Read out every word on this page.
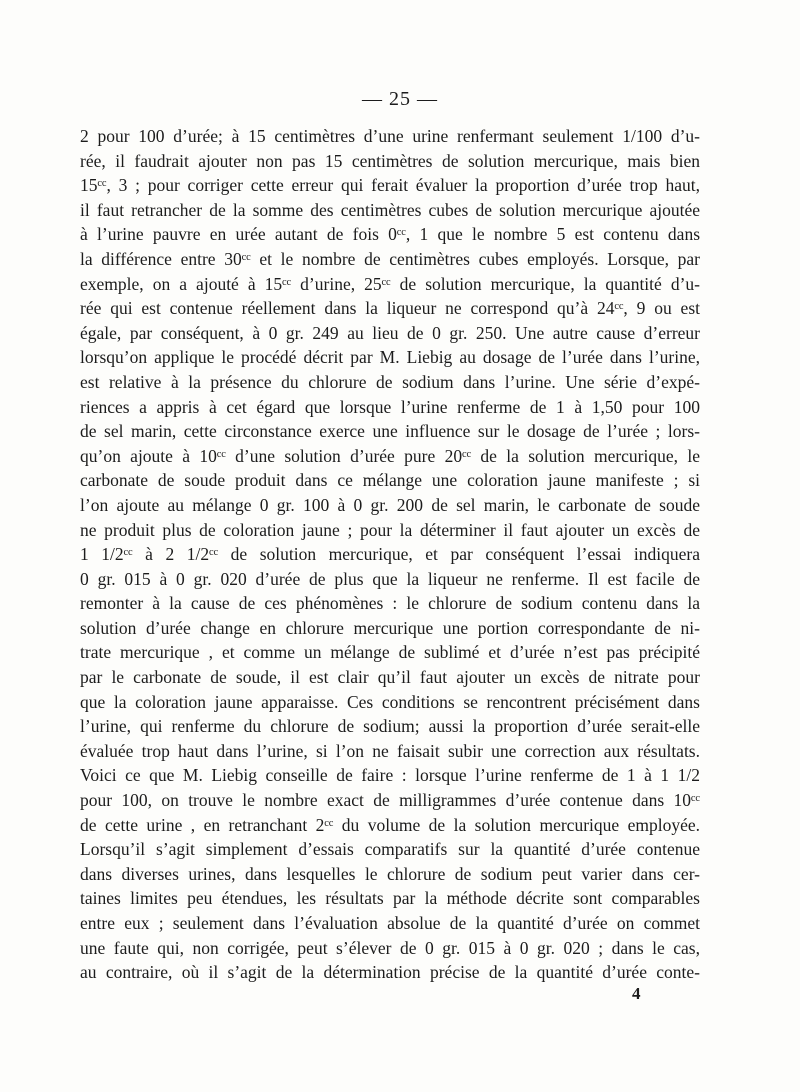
— 25 —
2 pour 100 d’urée; à 15 centimètres d’une urine renfermant seulement 1/100 d’u-
rée, il faudrait ajouter non pas 15 centimètres de solution mercurique, mais bien
15ᶜᶜ, 3 ; pour corriger cette erreur qui ferait évaluer la proportion d’urée trop haut,
il faut retrancher de la somme des centimètres cubes de solution mercurique ajoutée
à l’urine pauvre en urée autant de fois 0ᶜᶜ, 1 que le nombre 5 est contenu dans
la différence entre 30ᶜᶜ et le nombre de centimètres cubes employés. Lorsque, par
exemple, on a ajouté à 15ᶜᶜ d’urine, 25ᶜᶜ de solution mercurique, la quantité d’u-
rée qui est contenue réellement dans la liqueur ne correspond qu’à 24ᶜᶜ, 9 ou est
égale, par conséquent, à 0 gr. 249 au lieu de 0 gr. 250. Une autre cause d’erreur
lorsqu’on applique le procédé décrit par M. Liebig au dosage de l’urée dans l’urine,
est relative à la présence du chlorure de sodium dans l’urine. Une série d’expé-
riences a appris à cet égard que lorsque l’urine renferme de 1 à 1,50 pour 100
de sel marin, cette circonstance exerce une influence sur le dosage de l’urée ; lors-
qu’on ajoute à 10ᶜᶜ d’une solution d’urée pure 20ᶜᶜ de la solution mercurique, le
carbonate de soude produit dans ce mélange une coloration jaune manifeste ; si
l’on ajoute au mélange 0 gr. 100 à 0 gr. 200 de sel marin, le carbonate de soude
ne produit plus de coloration jaune ; pour la déterminer il faut ajouter un excès de
1 1/2ᶜᶜ à 2 1/2ᶜᶜ de solution mercurique, et par conséquent l’essai indiquera
0 gr. 015 à 0 gr. 020 d’urée de plus que la liqueur ne renferme. Il est facile de
remonter à la cause de ces phénomènes : le chlorure de sodium contenu dans la
solution d’urée change en chlorure mercurique une portion correspondante de ni-
trate mercurique , et comme un mélange de sublimé et d’urée n’est pas précipité
par le carbonate de soude, il est clair qu’il faut ajouter un excès de nitrate pour
que la coloration jaune apparaisse. Ces conditions se rencontrent précisément dans
l’urine, qui renferme du chlorure de sodium; aussi la proportion d’urée serait-elle
évaluée trop haut dans l’urine, si l’on ne faisait subir une correction aux résultats.
Voici ce que M. Liebig conseille de faire : lorsque l’urine renferme de 1 à 1 1/2
pour 100, on trouve le nombre exact de milligrammes d’urée contenue dans 10ᶜᶜ
de cette urine , en retranchant 2ᶜᶜ du volume de la solution mercurique employée.
Lorsqu’il s’agit simplement d’essais comparatifs sur la quantité d’urée contenue
dans diverses urines, dans lesquelles le chlorure de sodium peut varier dans cer-
taines limites peu étendues, les résultats par la méthode décrite sont comparables
entre eux ; seulement dans l’évaluation absolue de la quantité d’urée on commet
une faute qui, non corrigée, peut s’élever de 0 gr. 015 à 0 gr. 020 ; dans le cas,
au contraire, où il s’agit de la détermination précise de la quantité d’urée conte-
4
